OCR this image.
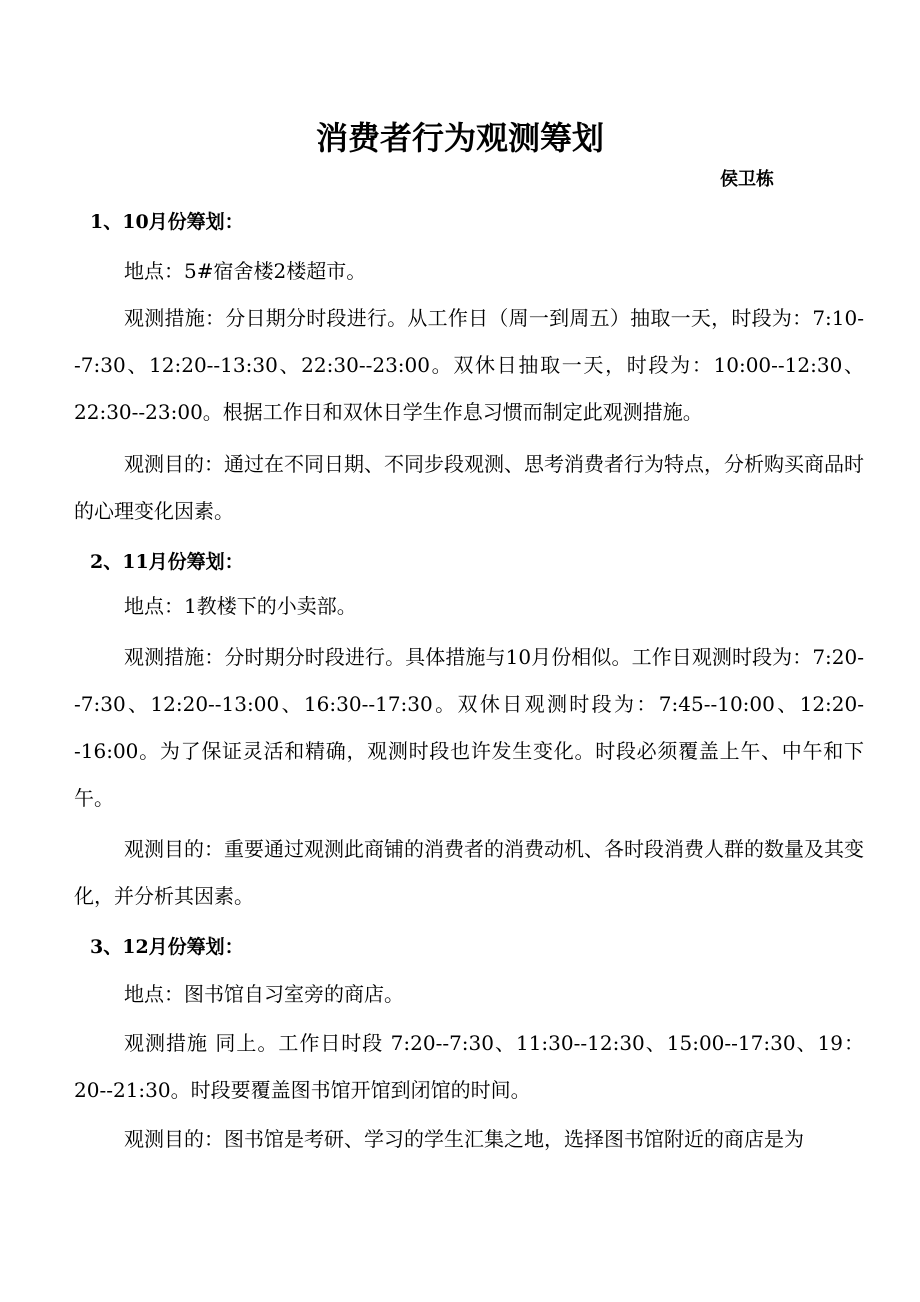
消费者行为观测筹划
侯卫栋
1、10月份筹划：

地点：5#宿舍楼2楼超市。

观测措施：分日期分时段进行。从工作日（周一到周五）抽取一天，时段为：7:10--7:30、12:20--13:30、22:30--23:00。双休日抽取一天，时段为：10:00--12:30、22:30--23:00。根据工作日和双休日学生作息习惯而制定此观测措施。

观测目的：通过在不同日期、不同步段观测、思考消费者行为特点，分析购买商品时的心理变化因素。

2、11月份筹划：

地点：1教楼下的小卖部。

观测措施：分时期分时段进行。具体措施与10月份相似。工作日观测时段为：7:20--7:30、12:20--13:00、16:30--17:30。双休日观测时段为：7:45--10:00、12:20--16:00。为了保证灵活和精确，观测时段也许发生变化。时段必须覆盖上午、中午和下午。

观测目的：重要通过观测此商铺的消费者的消费动机、各时段消费人群的数量及其变化，并分析其因素。

3、12月份筹划：

地点：图书馆自习室旁的商店。

观测措施 同上。工作日时段 7:20--7:30、11:30--12:30、15:00--17:30、19：20--21:30。时段要覆盖图书馆开馆到闭馆的时间。

观测目的：图书馆是考研、学习的学生汇集之地，选择图书馆附近的商店是为
